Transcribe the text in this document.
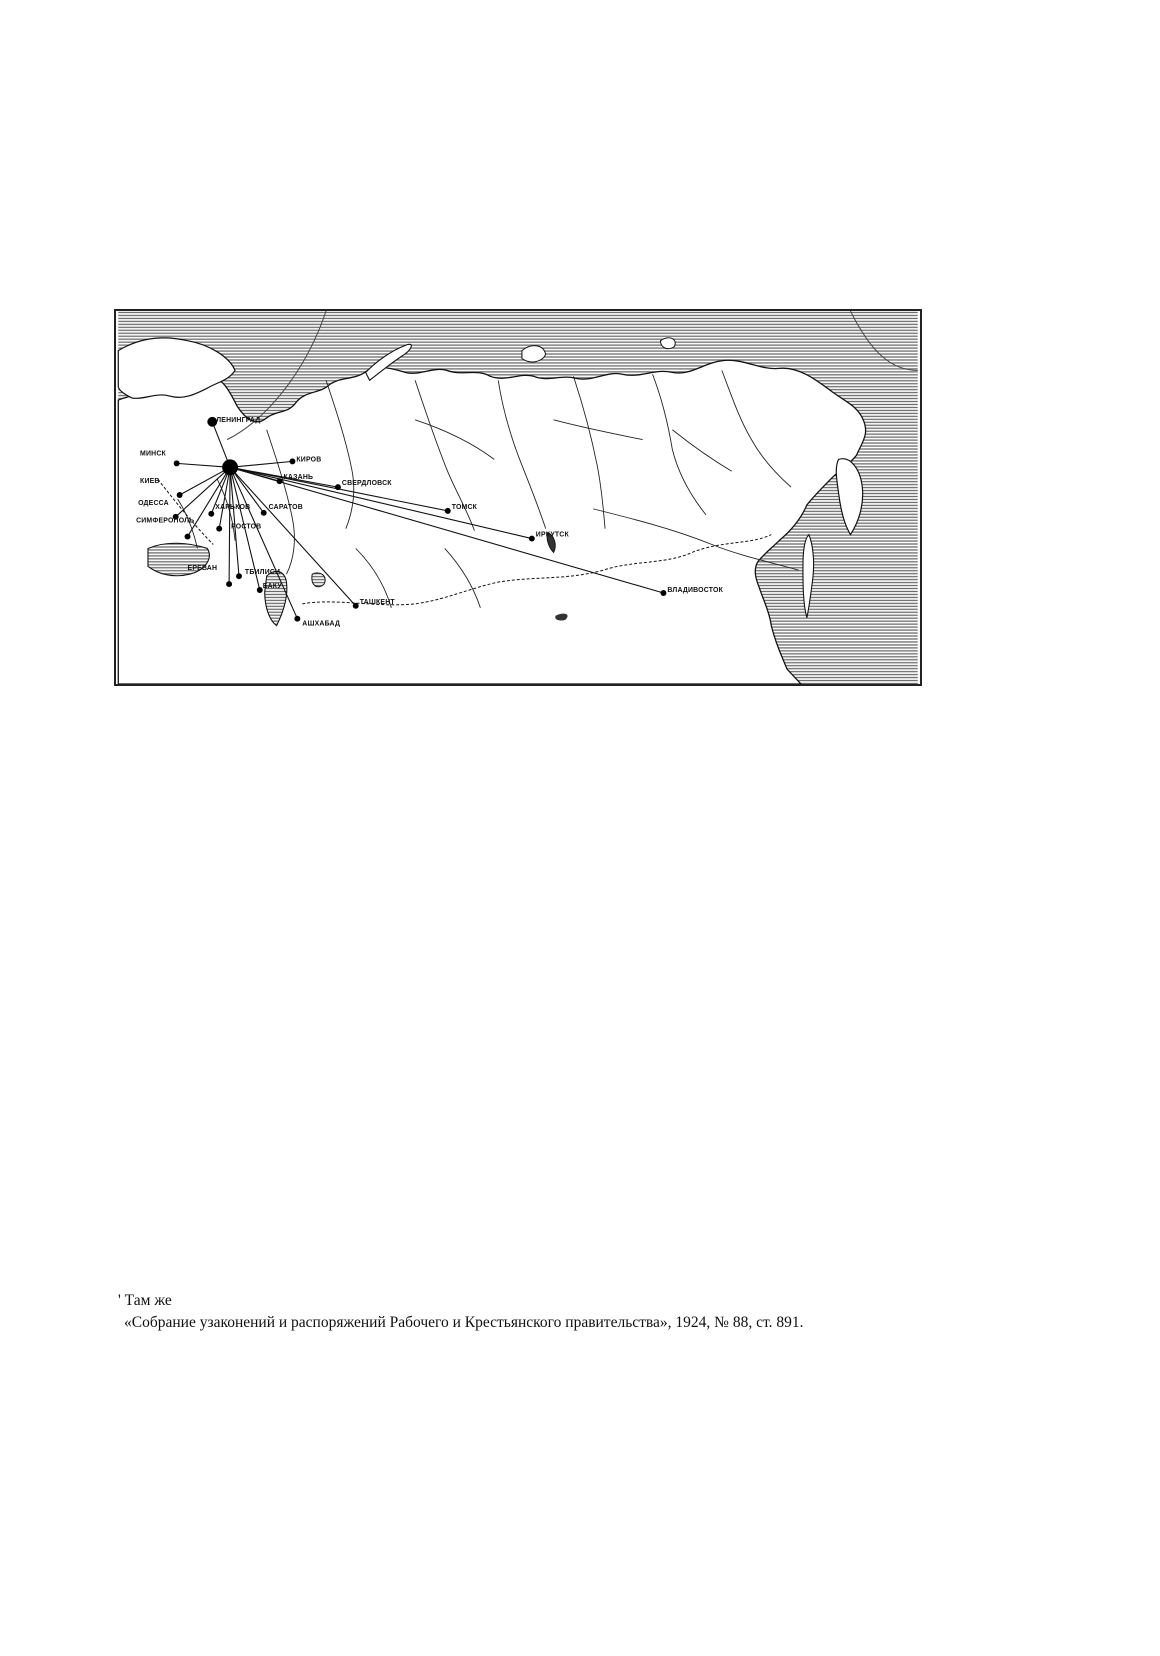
ЛЕНИНГРАД
КИРОВ
КАЗАНЬ
СВЕРДЛОВСК
ТОМСК
ИРКУТСК
ВЛАДИВОСТОК
МИНСК
КИЕВ
ХАРЬКОВ	САРАТОВ
РОСТОВ
ОДЕССА
СИМФЕРОПОЛЬ
ТБИЛИСИ
ЕРЕВАН
БАКУ
АШХАБАД
ТАШКЕНТ

' Там же

«Собрание узаконений и распоряжений Рабочего и Крестьянского правительства», 1924, № 88, ст. 891.
